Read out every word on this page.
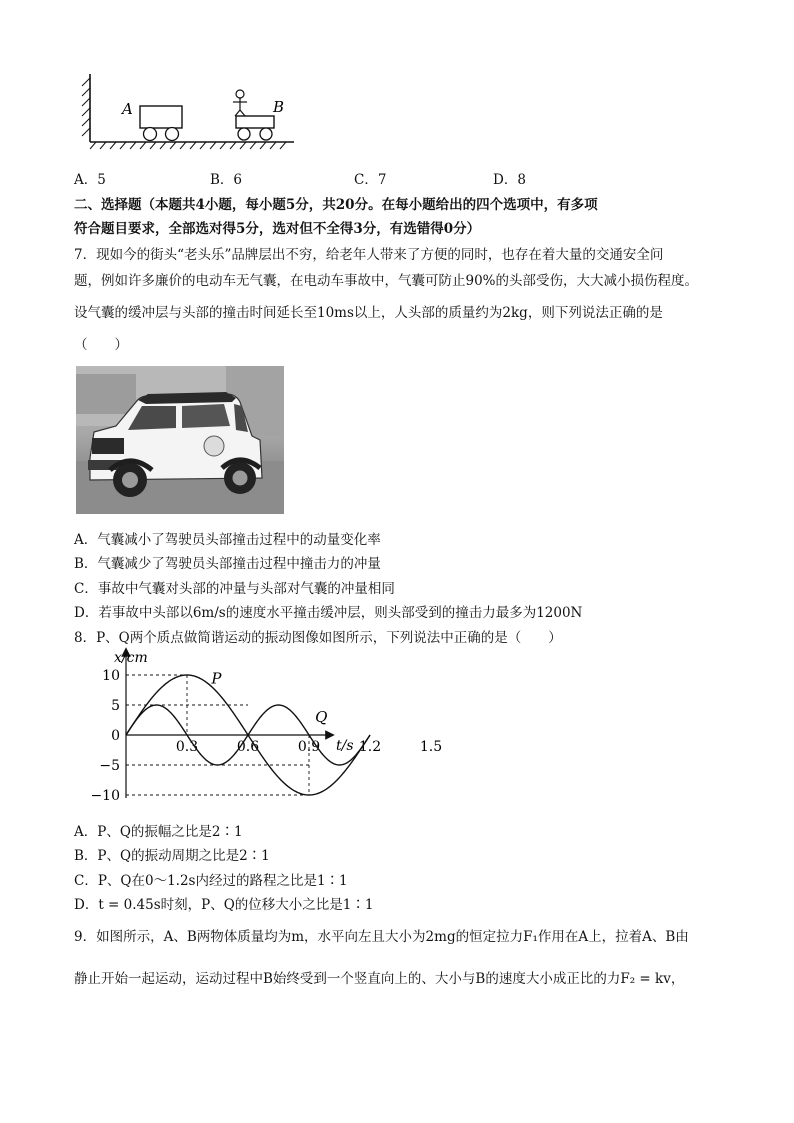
A	B
A．5	B．6	C．7	D．8
二、选择题（本题共4小题，每小题5分，共20分。在每小题给出的四个选项中，有多项
符合题目要求，全部选对得5分，选对但不全得3分，有选错得0分）
7．现如今的街头“老头乐”品牌层出不穷，给老年人带来了方便的同时，也存在着大量的交通安全问
题，例如许多廉价的电动车无气囊，在电动车事故中，气囊可防止90%的头部受伤，大大减小损伤程度。
设气囊的缓冲层与头部的撞击时间延长至10ms以上，人头部的质量约为2kg，则下列说法正确的是
（　　）
A．气囊减小了驾驶员头部撞击过程中的动量变化率
B．气囊减少了驾驶员头部撞击过程中撞击力的冲量
C．事故中气囊对头部的冲量与头部对气囊的冲量相同
D．若事故中头部以6m/s的速度水平撞击缓冲层，则头部受到的撞击力最多为1200N
8．P、Q两个质点做简谐运动的振动图像如图所示，下列说法中正确的是（　　）
x/cm
t/s
10
5
0
−5
−10
0.3	0.6	0.9	1.2	1.5
P
Q
A．P、Q的振幅之比是2∶1
B．P、Q的振动周期之比是2∶1
C．P、Q在0～1.2s内经过的路程之比是1∶1
D．t = 0.45s时刻，P、Q的位移大小之比是1∶1
9．如图所示，A、B两物体质量均为m，水平向左且大小为2mg的恒定拉力F₁作用在A上，拉着A、B由
静止开始一起运动，运动过程中B始终受到一个竖直向上的、大小与B的速度大小成正比的力F₂ = kv，
